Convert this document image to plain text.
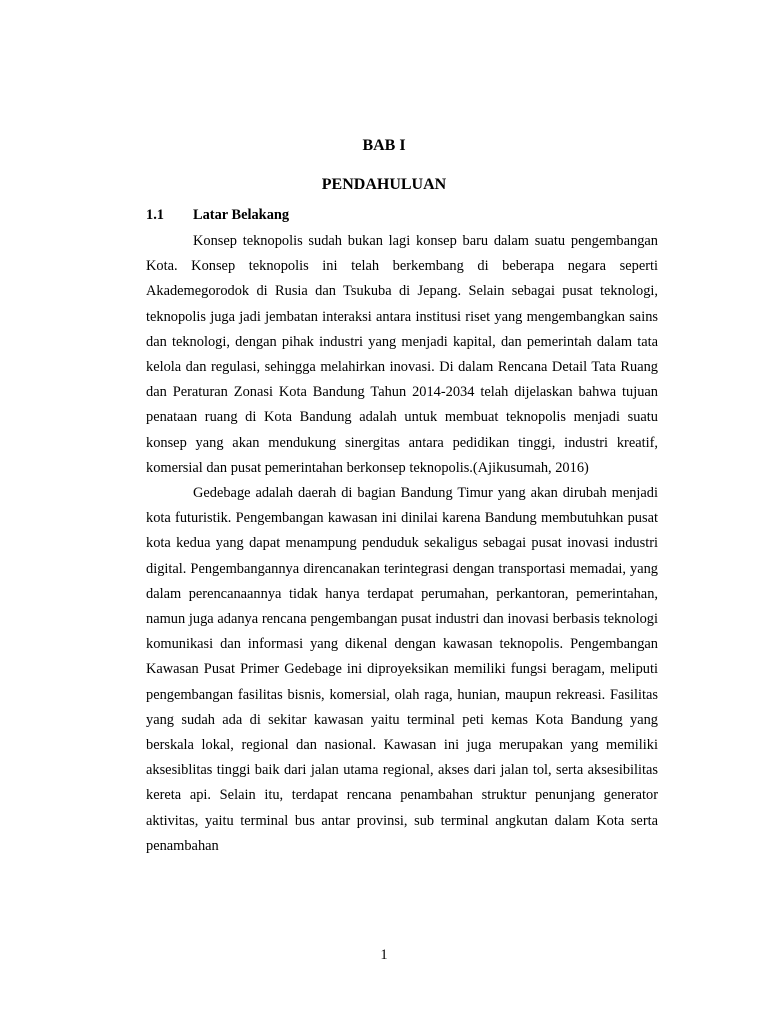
BAB I
PENDAHULUAN
1.1 Latar Belakang

Konsep teknopolis sudah bukan lagi konsep baru dalam suatu pengembangan Kota. Konsep teknopolis ini telah berkembang di beberapa negara seperti Akademegorodok di Rusia dan Tsukuba di Jepang. Selain sebagai pusat teknologi, teknopolis juga jadi jembatan interaksi antara institusi riset yang mengembangkan sains dan teknologi, dengan pihak industri yang menjadi kapital, dan pemerintah dalam tata kelola dan regulasi, sehingga melahirkan inovasi. Di dalam Rencana Detail Tata Ruang dan Peraturan Zonasi Kota Bandung Tahun 2014-2034 telah dijelaskan bahwa tujuan penataan ruang di Kota Bandung adalah untuk membuat teknopolis menjadi suatu konsep yang akan mendukung sinergitas antara pedidikan tinggi, industri kreatif, komersial dan pusat pemerintahan berkonsep teknopolis.(Ajikusumah, 2016)

Gedebage adalah daerah di bagian Bandung Timur yang akan dirubah menjadi kota futuristik. Pengembangan kawasan ini dinilai karena Bandung membutuhkan pusat kota kedua yang dapat menampung penduduk sekaligus sebagai pusat inovasi industri digital. Pengembangannya direncanakan terintegrasi dengan transportasi memadai, yang dalam perencanaannya tidak hanya terdapat perumahan, perkantoran, pemerintahan, namun juga adanya rencana pengembangan pusat industri dan inovasi berbasis teknologi komunikasi dan informasi yang dikenal dengan kawasan teknopolis. Pengembangan Kawasan Pusat Primer Gedebage ini diproyeksikan memiliki fungsi beragam, meliputi pengembangan fasilitas bisnis, komersial, olah raga, hunian, maupun rekreasi. Fasilitas yang sudah ada di sekitar kawasan yaitu terminal peti kemas Kota Bandung yang berskala lokal, regional dan nasional. Kawasan ini juga merupakan yang memiliki aksesiblitas tinggi baik dari jalan utama regional, akses dari jalan tol, serta aksesibilitas kereta api. Selain itu, terdapat rencana penambahan struktur penunjang generator aktivitas, yaitu terminal bus antar provinsi, sub terminal angkutan dalam Kota serta penambahan

1
